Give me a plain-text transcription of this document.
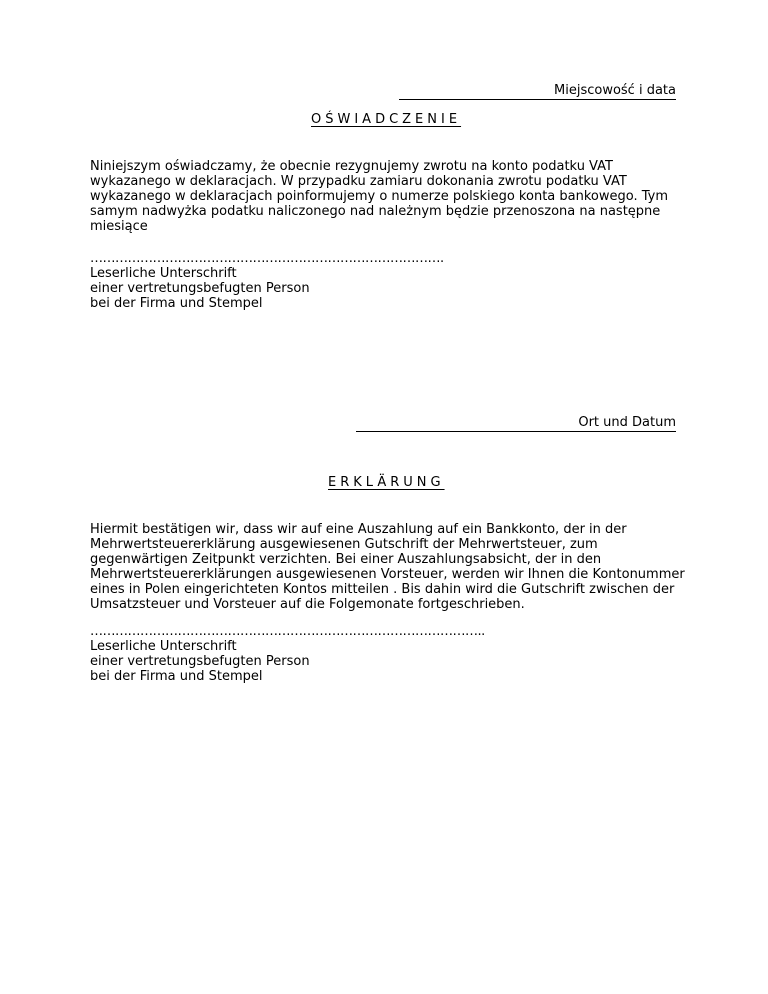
Miejscowość i data
OŚWIADCZENIE
Niniejszym oświadczamy, że obecnie rezygnujemy zwrotu na konto podatku VAT
wykazanego w deklaracjach. W przypadku zamiaru dokonania zwrotu podatku VAT
wykazanego w deklaracjach poinformujemy o numerze polskiego konta bankowego. Tym
samym nadwyżka podatku naliczonego nad należnym będzie przenoszona na następne
miesiące
………………………………………………………………………….
Leserliche Unterschrift
einer vertretungsbefugten Person
bei der Firma und Stempel
Ort und Datum
ERKLÄRUNG
Hiermit bestätigen wir, dass wir auf eine Auszahlung auf ein Bankkonto, der in der
Mehrwertsteuererklärung ausgewiesenen Gutschrift der Mehrwertsteuer, zum
gegenwärtigen Zeitpunkt verzichten. Bei einer Auszahlungsabsicht, der in den
Mehrwertsteuererklärungen ausgewiesenen Vorsteuer, werden wir Ihnen die Kontonummer
eines in Polen eingerichteten Kontos mitteilen . Bis dahin wird die Gutschrift zwischen der
Umsatzsteuer und Vorsteuer auf die Folgemonate fortgeschrieben.
…………………………………………………………………………………..
Leserliche Unterschrift
einer vertretungsbefugten Person
bei der Firma und Stempel
